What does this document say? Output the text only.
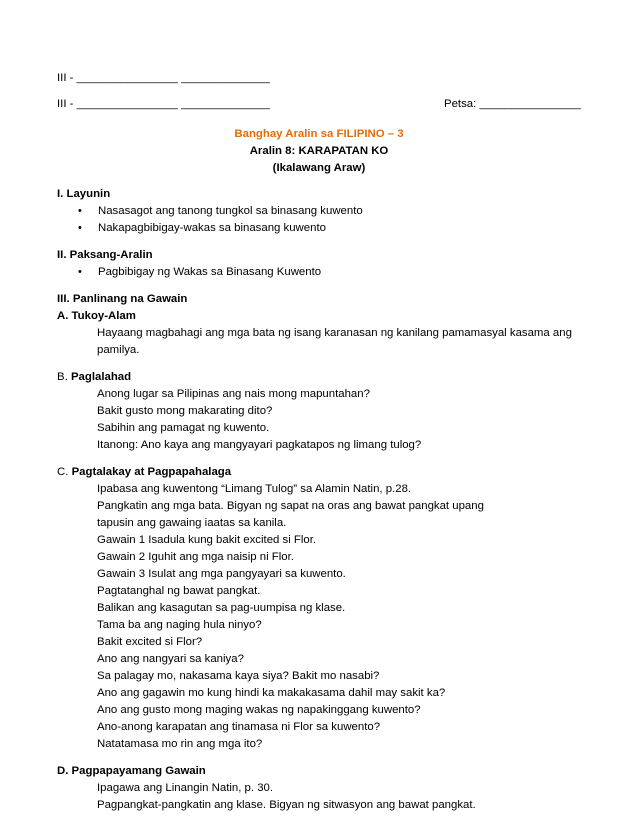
III - ________________ ______________
III - ________________ ______________	Petsa: ________________
Banghay Aralin sa FILIPINO – 3
Aralin 8: KARAPATAN KO
(Ikalawang Araw)
I. Layunin
• Nasasagot ang tanong tungkol sa binasang kuwento
• Nakapagbibigay-wakas sa binasang kuwento
II. Paksang-Aralin
• Pagbibigay ng Wakas sa Binasang Kuwento
III. Panlinang na Gawain
A. Tukoy-Alam
Hayaang magbahagi ang mga bata ng isang karanasan ng kanilang pamamasyal kasama ang
pamilya.
B. Paglalahad
Anong lugar sa Pilipinas ang nais mong mapuntahan?
Bakit gusto mong makarating dito?
Sabihin ang pamagat ng kuwento.
Itanong: Ano kaya ang mangyayari pagkatapos ng limang tulog?
C. Pagtalakay at Pagpapahalaga
Ipabasa ang kuwentong “Limang Tulog” sa Alamin Natin, p.28.
Pangkatin ang mga bata. Bigyan ng sapat na oras ang bawat pangkat upang
tapusin ang gawaing iaatas sa kanila.
Gawain 1 Isadula kung bakit excited si Flor.
Gawain 2 Iguhit ang mga naisip ni Flor.
Gawain 3 Isulat ang mga pangyayari sa kuwento.
Pagtatanghal ng bawat pangkat.
Balikan ang kasagutan sa pag-uumpisa ng klase.
Tama ba ang naging hula ninyo?
Bakit excited si Flor?
Ano ang nangyari sa kaniya?
Sa palagay mo, nakasama kaya siya? Bakit mo nasabi?
Ano ang gagawin mo kung hindi ka makakasama dahil may sakit ka?
Ano ang gusto mong maging wakas ng napakinggang kuwento?
Ano-anong karapatan ang tinamasa ni Flor sa kuwento?
Natatamasa mo rin ang mga ito?
D. Pagpapayamang Gawain
Ipagawa ang Linangin Natin, p. 30.
Pagpangkat-pangkatin ang klase. Bigyan ng sitwasyon ang bawat pangkat.
